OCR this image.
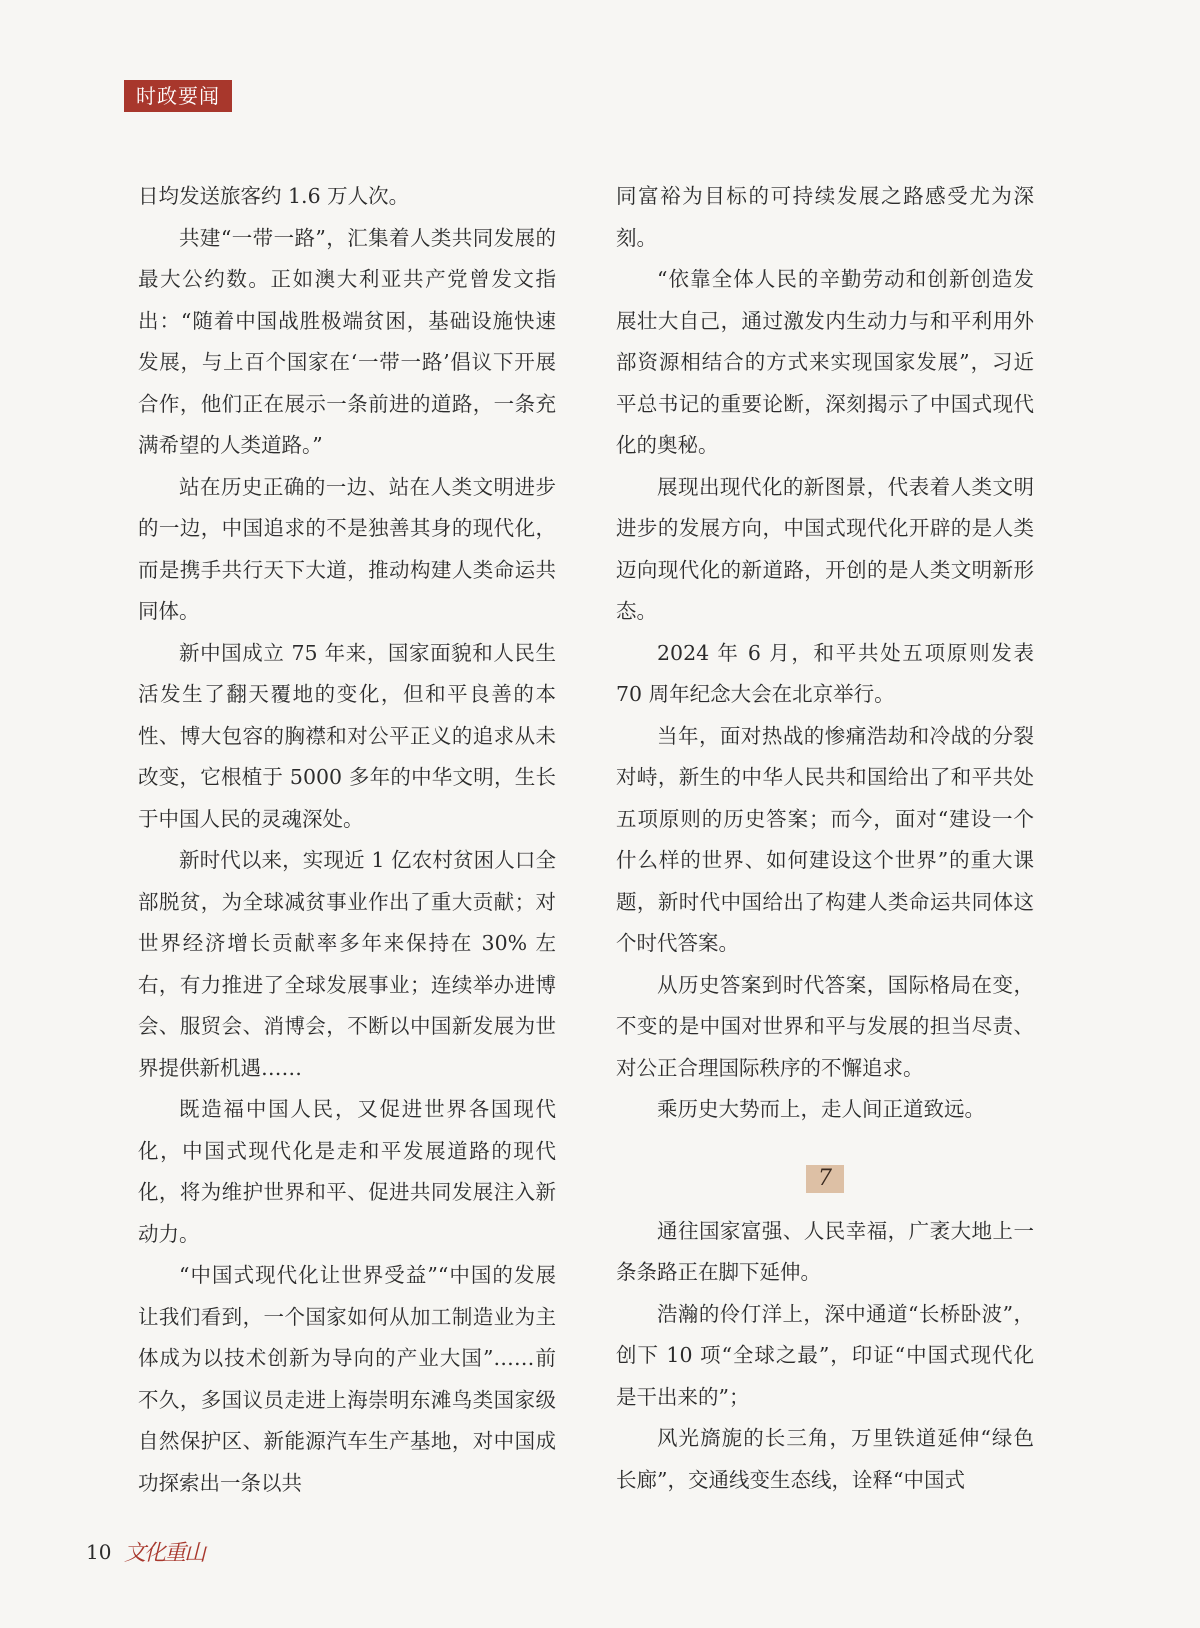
时政要闻

日均发送旅客约 1.6 万人次。

共建“一带一路”，汇集着人类共同发展的最大公约数。正如澳大利亚共产党曾发文指出：“随着中国战胜极端贫困，基础设施快速发展，与上百个国家在‘一带一路’倡议下开展合作，他们正在展示一条前进的道路，一条充满希望的人类道路。”

站在历史正确的一边、站在人类文明进步的一边，中国追求的不是独善其身的现代化，而是携手共行天下大道，推动构建人类命运共同体。

新中国成立 75 年来，国家面貌和人民生活发生了翻天覆地的变化，但和平良善的本性、博大包容的胸襟和对公平正义的追求从未改变，它根植于 5000 多年的中华文明，生长于中国人民的灵魂深处。

新时代以来，实现近 1 亿农村贫困人口全部脱贫，为全球减贫事业作出了重大贡献；对世界经济增长贡献率多年来保持在 30% 左右，有力推进了全球发展事业；连续举办进博会、服贸会、消博会，不断以中国新发展为世界提供新机遇……

既造福中国人民，又促进世界各国现代化，中国式现代化是走和平发展道路的现代化，将为维护世界和平、促进共同发展注入新动力。

“中国式现代化让世界受益”“中国的发展让我们看到，一个国家如何从加工制造业为主体成为以技术创新为导向的产业大国”……前不久，多国议员走进上海崇明东滩鸟类国家级自然保护区、新能源汽车生产基地，对中国成功探索出一条以共

同富裕为目标的可持续发展之路感受尤为深刻。

“依靠全体人民的辛勤劳动和创新创造发展壮大自己，通过激发内生动力与和平利用外部资源相结合的方式来实现国家发展”，习近平总书记的重要论断，深刻揭示了中国式现代化的奥秘。

展现出现代化的新图景，代表着人类文明进步的发展方向，中国式现代化开辟的是人类迈向现代化的新道路，开创的是人类文明新形态。

2024 年 6 月，和平共处五项原则发表 70 周年纪念大会在北京举行。

当年，面对热战的惨痛浩劫和冷战的分裂对峙，新生的中华人民共和国给出了和平共处五项原则的历史答案；而今，面对“建设一个什么样的世界、如何建设这个世界”的重大课题，新时代中国给出了构建人类命运共同体这个时代答案。

从历史答案到时代答案，国际格局在变，不变的是中国对世界和平与发展的担当尽责、对公正合理国际秩序的不懈追求。

乘历史大势而上，走人间正道致远。

7

通往国家富强、人民幸福，广袤大地上一条条路正在脚下延伸。

浩瀚的伶仃洋上，深中通道“长桥卧波”，创下 10 项“全球之最”，印证“中国式现代化是干出来的”；

风光旖旎的长三角，万里铁道延伸“绿色长廊”，交通线变生态线，诠释“中国式

10 文化重山
